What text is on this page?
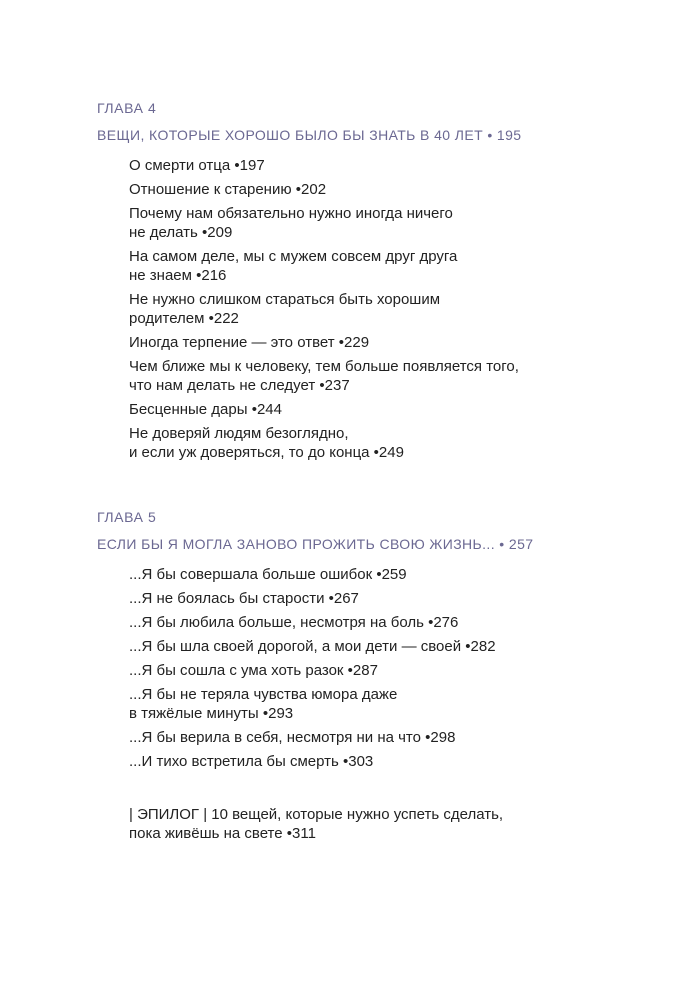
ГЛАВА 4
ВЕЩИ, КОТОРЫЕ ХОРОШО БЫЛО БЫ ЗНАТЬ В 40 ЛЕТ • 195
О смерти отца • 197
Отношение к старению • 202
Почему нам обязательно нужно иногда ничего
не делать • 209
На самом деле, мы с мужем совсем друг друга
не знаем • 216
Не нужно слишком стараться быть хорошим
родителем • 222
Иногда терпение — это ответ • 229
Чем ближе мы к человеку, тем больше появляется того,
что нам делать не следует • 237
Бесценные дары • 244
Не доверяй людям безоглядно,
и если уж доверяться, то до конца • 249
ГЛАВА 5
ЕСЛИ БЫ Я МОГЛА ЗАНОВО ПРОЖИТЬ СВОЮ ЖИЗНЬ... • 257
...Я бы совершала больше ошибок • 259
...Я не боялась бы старости • 267
...Я бы любила больше, несмотря на боль • 276
...Я бы шла своей дорогой, а мои дети — своей • 282
...Я бы сошла с ума хоть разок • 287
...Я бы не теряла чувства юмора даже
в тяжёлые минуты • 293
...Я бы верила в себя, несмотря ни на что • 298
...И тихо встретила бы смерть • 303
| ЭПИЛОГ | 10 вещей, которые нужно успеть сделать,
пока живёшь на свете • 311
